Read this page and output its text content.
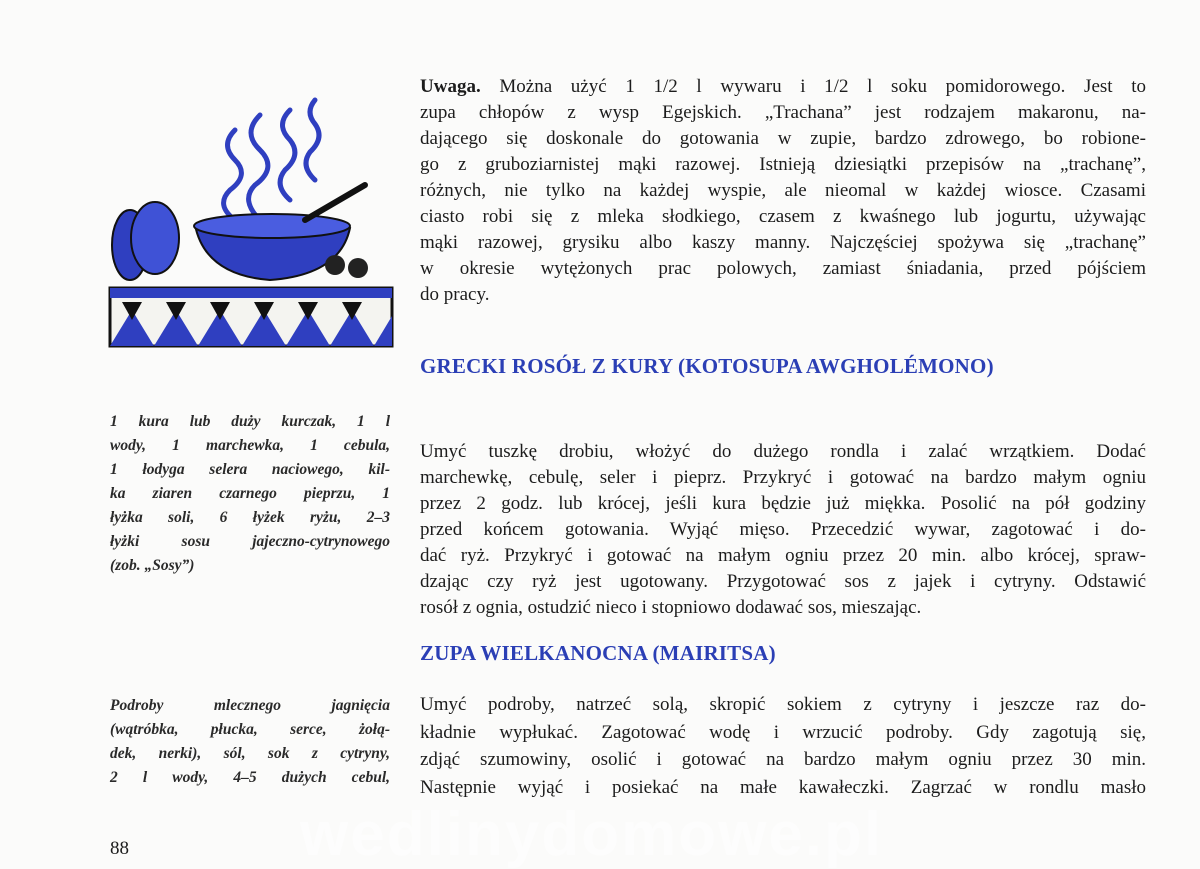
Uwaga. Można użyć 1 1/2 l wywaru i 1/2 l soku pomidorowego. Jest to
zupa chłopów z wysp Egejskich. „Trachana” jest rodzajem makaronu, na-
dającego się doskonale do gotowania w zupie, bardzo zdrowego, bo robione-
go z gruboziarnistej mąki razowej. Istnieją dziesiątki przepisów na „trachanę”,
różnych, nie tylko na każdej wyspie, ale nieomal w każdej wiosce. Czasami
ciasto robi się z mleka słodkiego, czasem z kwaśnego lub jogurtu, używając
mąki razowej, grysiku albo kaszy manny. Najczęściej spożywa się „trachanę”
w okresie wytężonych prac polowych, zamiast śniadania, przed pójściem
do pracy.
GRECKI ROSÓŁ Z KURY (KOTOSUPA AWGHOLÉMONO)
1 kura lub duży kurczak, 1 l
wody, 1 marchewka, 1 cebula,
1 łodyga selera naciowego, kil-
ka ziaren czarnego pieprzu, 1
łyżka soli, 6 łyżek ryżu, 2–3
łyżki sosu jajeczno-cytrynowego
(zob. „Sosy”)
Umyć tuszkę drobiu, włożyć do dużego rondla i zalać wrzątkiem. Dodać
marchewkę, cebulę, seler i pieprz. Przykryć i gotować na bardzo małym ogniu
przez 2 godz. lub krócej, jeśli kura będzie już miękka. Posolić na pół godziny
przed końcem gotowania. Wyjąć mięso. Przecedzić wywar, zagotować i do-
dać ryż. Przykryć i gotować na małym ogniu przez 20 min. albo krócej, spraw-
dzając czy ryż jest ugotowany. Przygotować sos z jajek i cytryny. Odstawić
rosół z ognia, ostudzić nieco i stopniowo dodawać sos, mieszając.
ZUPA WIELKANOCNA (MAIRITSA)
Podroby mlecznego jagnięcia
(wątróbka, płucka, serce, żołą-
dek, nerki), sól, sok z cytryny,
2 l wody, 4–5 dużych cebul,
Umyć podroby, natrzeć solą, skropić sokiem z cytryny i jeszcze raz do-
kładnie wypłukać. Zagotować wodę i wrzucić podroby. Gdy zagotują się,
zdjąć szumowiny, osolić i gotować na bardzo małym ogniu przez 30 min.
Następnie wyjąć i posiekać na małe kawałeczki. Zagrzać w rondlu masło
wedlinydomowe.pl
88
